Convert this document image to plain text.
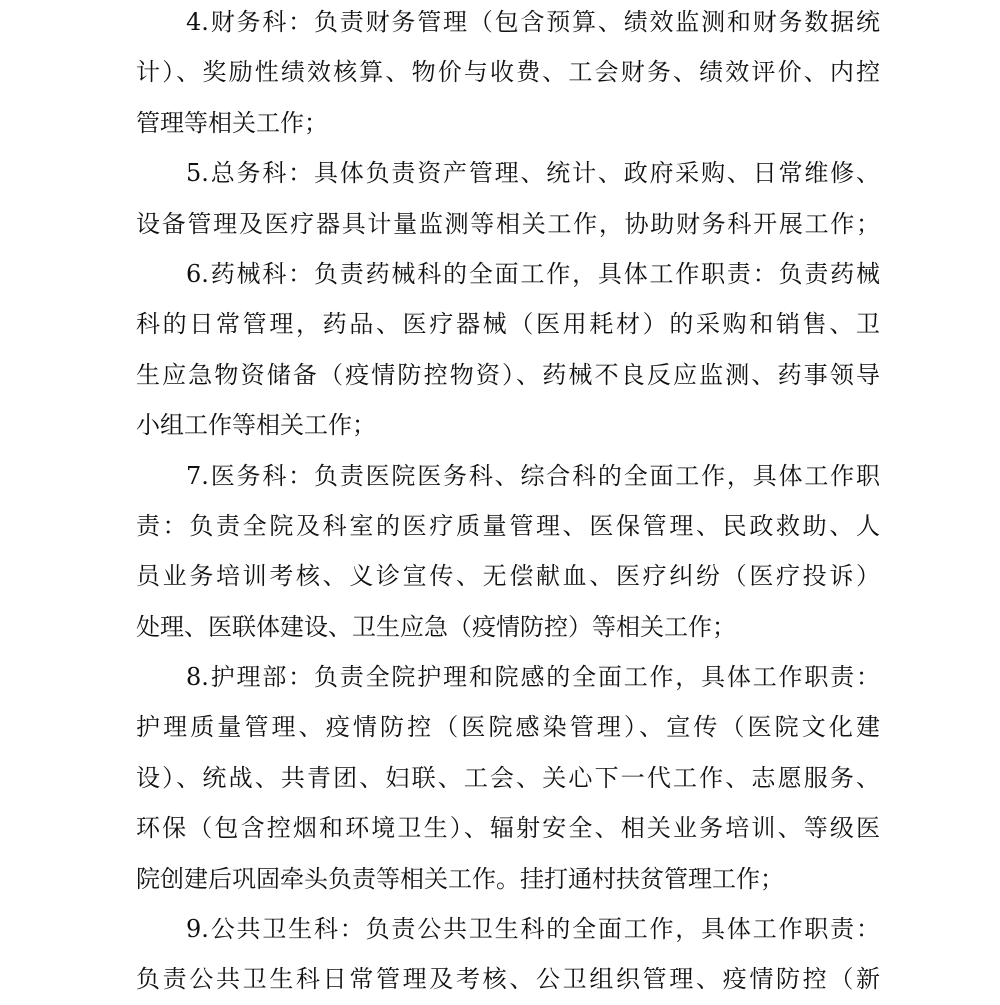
4.财务科：负责财务管理（包含预算、绩效监测和财务数据统
计）、奖励性绩效核算、物价与收费、工会财务、绩效评价、内控
管理等相关工作；
5.总务科：具体负责资产管理、统计、政府采购、日常维修、
设备管理及医疗器具计量监测等相关工作，协助财务科开展工作；
6.药械科：负责药械科的全面工作，具体工作职责：负责药械
科的日常管理，药品、医疗器械（医用耗材）的采购和销售、卫
生应急物资储备（疫情防控物资）、药械不良反应监测、药事领导
小组工作等相关工作；
7.医务科：负责医院医务科、综合科的全面工作，具体工作职
责：负责全院及科室的医疗质量管理、医保管理、民政救助、人
员业务培训考核、义诊宣传、无偿献血、医疗纠纷（医疗投诉）
处理、医联体建设、卫生应急（疫情防控）等相关工作；
8.护理部：负责全院护理和院感的全面工作，具体工作职责：
护理质量管理、疫情防控（医院感染管理）、宣传（医院文化建
设）、统战、共青团、妇联、工会、关心下一代工作、志愿服务、
环保（包含控烟和环境卫生）、辐射安全、相关业务培训、等级医
院创建后巩固牵头负责等相关工作。挂打通村扶贫管理工作；
9.公共卫生科：负责公共卫生科的全面工作，具体工作职责：
负责公共卫生科日常管理及考核、公卫组织管理、疫情防控（新
